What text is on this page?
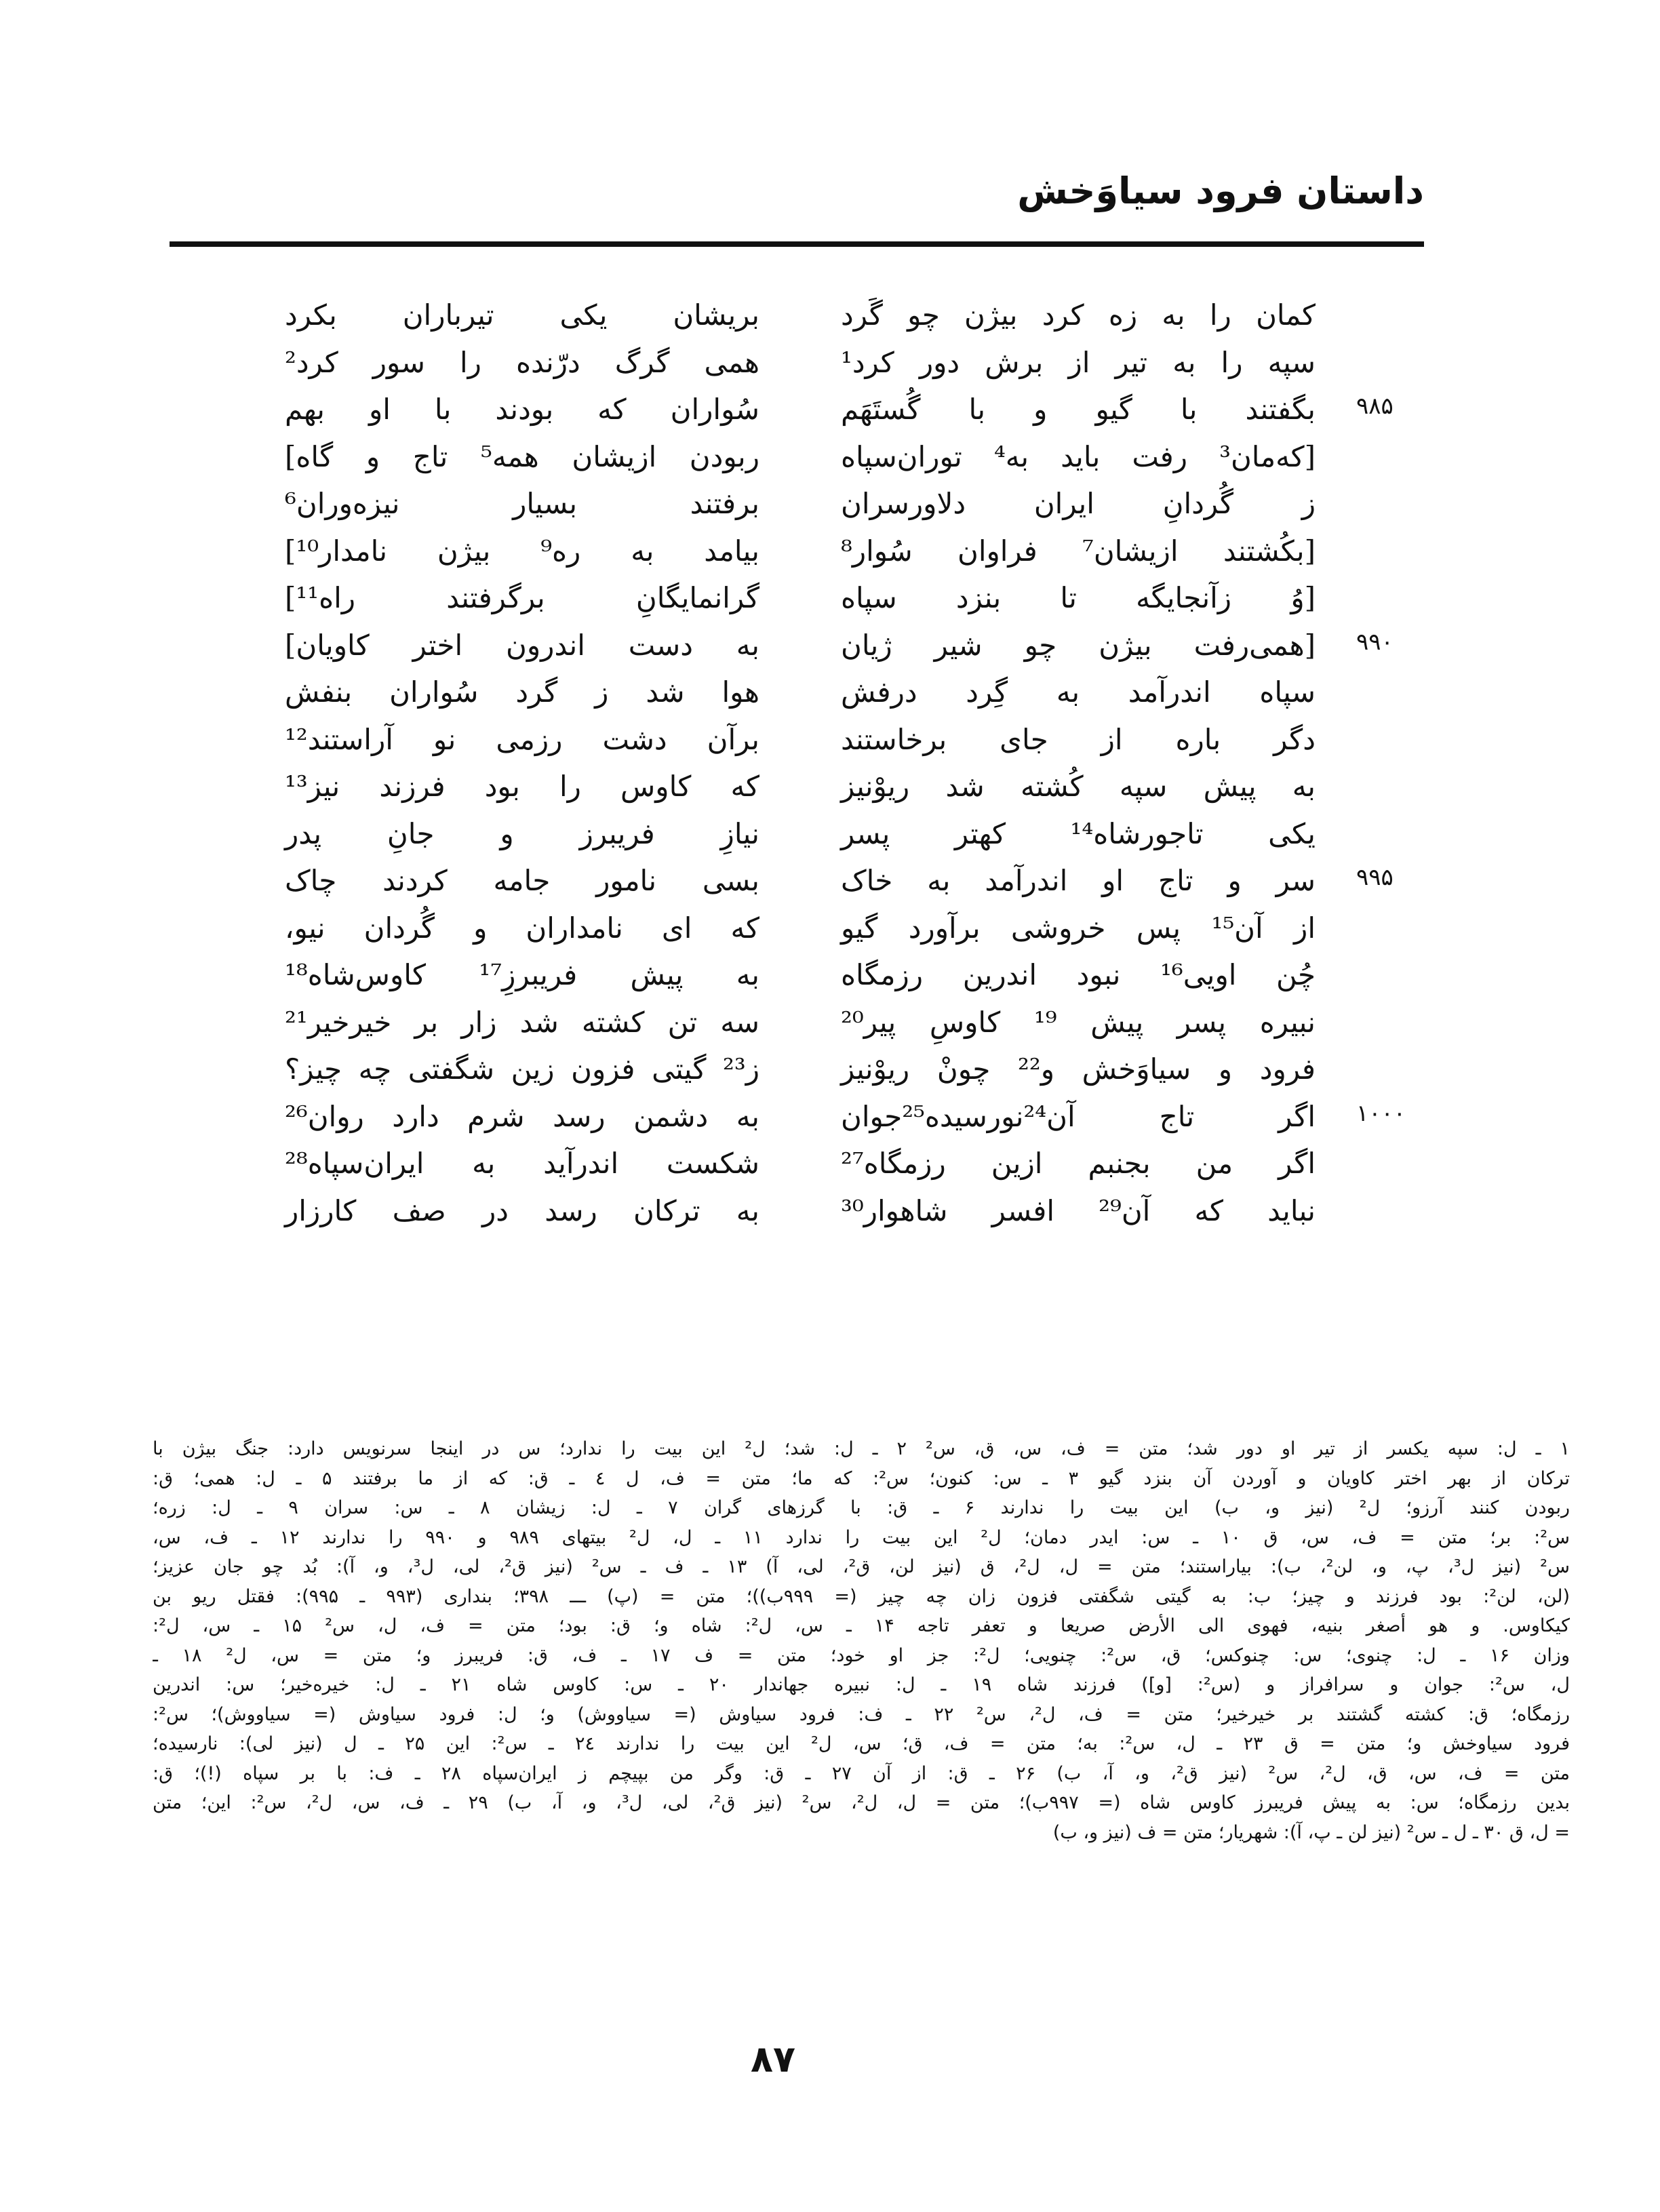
داستان فرود سیاوَخش
کمان را به زه کرد بیژن چو گَرد
بریشان یکی تیرباران بکرد
سپه را به تیر از برش دور کرد¹
همی گرگ درّنده را سور کرد²
بگفتند با گیو و با گُستَهَم
سُواران که بودند با او بهم	۹۸۵
[که‌مان³ رفت باید به⁴ توران‌سپاه
ربودن ازیشان همه⁵ تاج و گاه]
ز گُردانِ ایران دلاورسران
برفتند بسیار نیزه‌وران⁶
[بکُشتند ازیشان⁷ فراوان سُوار⁸
بیامد به ره⁹ بیژن نامدار¹⁰]
[وُ زآنجایگه تا بنزد سپاه
گرانمایگانِ برگرفتند راه¹¹]
[همی‌رفت بیژن چو شیر ژیان
به دست اندرون اختر کاویان]	۹۹۰
سپاه اندرآمد به گِرد درفش
هوا شد ز گرد سُواران بنفش
دگر باره از جای برخاستند
برآن دشت رزمی نو آراستند¹²
به پیش سپه کُشته شد ریوْنیز
که کاوس را بود فرزند نیز¹³
یکی تاجورشاه¹⁴ کهتر پسر
نیازِ فریبرز و جانِ پدر
سر و تاج او اندرآمد به خاک
بسی نامور جامه کردند چاک	۹۹۵
از آن¹⁵ پس خروشی برآورد گیو
که ای نامداران و گُردان نیو،
چُن اویی¹⁶ نبود اندرین رزمگاه
به پیش فریبرزِ¹⁷ کاوس‌شاه¹⁸
نبیره پسر پیش ¹⁹ کاوسِ پیر²⁰
سه تن کشته شد زار بر خیرخیر²¹
فرود و سیاوَخش و²² چونْ ریوْنیز
ز²³ گیتی فزون زین شگفتی چه چیز؟
اگر تاج آن²⁴نورسیده²⁵جوان
به دشمن رسد شرم دارد روان²⁶	۱۰۰۰
اگر من بجنبم ازین رزمگاه²⁷
شکست اندرآید به ایران‌سپاه²⁸
نباید که آن²⁹ افسر شاهوار³⁰
به ترکان رسد در صف کارزار
۱ ـ ل: سپه یکسر از تیر او دور شد؛ متن = ف، س، ق، س² ۲ ـ ل: شد؛ ل² این بیت را ندارد؛ س در اینجا سرنویس دارد: جنگ بیژن با
ترکان از بهر اختر کاویان و آوردن آن بنزد گیو ۳ ـ س: کنون؛ س²: که ما؛ متن = ف، ل ٤ ـ ق: که از ما برفتند ۵ ـ ل: همی؛ ق:
ربودن کنند آرزو؛ ل² (نیز و، ب) این بیت را ندارند ۶ ـ ق: با گرزهای گران ۷ ـ ل: زیشان ۸ ـ س: سران ۹ ـ ل: زره؛
س²: بر؛ متن = ف، س، ق ۱۰ ـ س: ایدر دمان؛ ل² این بیت را ندارد ۱۱ ـ ل، ل² بیتهای ۹۸۹ و ۹۹۰ را ندارند ۱۲ ـ ف، س،
س² (نیز ل³، پ، و، لن²، ب): بیاراستند؛ متن = ل، ل²، ق (نیز لن، ق²، لی، آ) ۱۳ ـ ف ـ س² (نیز ق²، لی، ل³، و، آ): بُد چو جان عزیز؛
(لن، لن²: بود فرزند و چیز؛ ب: به گیتی شگفتی فزون زان چه چیز (= ۹۹۹ب))؛ متن = (پ) ـــ ۳۹۸؛ بنداری (۹۹۳ ـ ۹۹۵): فقتل ریو بن
کیکاوس. و هو أصغر بنیه، فهوی الی الأرض صریعا و تعفر تاجه ۱۴ ـ س، ل²: شاه و؛ ق: بود؛ متن = ف، ل، س² ۱۵ ـ س، ل²:
وزان ۱۶ ـ ل: چنوی؛ س: چنوکس؛ ق، س²: چنویی؛ ل²: جز او خود؛ متن = ف ۱۷ ـ ف، ق: فریبرز و؛ متن = س، ل² ۱۸ ـ
ل، س²: جوان و سرافراز و (س²: [و]) فرزند شاه ۱۹ ـ ل: نبیره جهاندار ۲۰ ـ س: کاوس شاه ۲۱ ـ ل: خیره‌خیر؛ س: اندرین
رزمگاه؛ ق: کشته گشتند بر خیرخیر؛ متن = ف، ل²، س² ۲۲ ـ ف: فرود سیاوش (= سیاووش) و؛ ل: فرود سیاوش (= سیاووش)؛ س²:
فرود سیاوخش و؛ متن = ق ۲۳ ـ ل، س²: به؛ متن = ف، ق؛ س، ل² این بیت را ندارند ۲٤ ـ س²: این ۲۵ ـ ل (نیز لی): نارسیده؛
متن = ف، س، ق، ل²، س² (نیز ق²، و، آ، ب) ۲۶ ـ ق: از آن ۲۷ ـ ق: وگر من بپیچم ز ایران‌سپاه ۲۸ ـ ف: با بر سپاه (!)؛ ق:
بدین رزمگاه؛ س: به پیش فریبرز کاوس شاه (= ۹۹۷ب)؛ متن = ل، ل²، س² (نیز ق²، لی، ل³، و، آ، ب) ۲۹ ـ ف، س، ل²، س²: این؛ متن
= ل، ق ۳۰ ـ ل ـ س² (نیز لن ـ پ، آ): شهریار؛ متن = ف (نیز و، ب)
۸۷
